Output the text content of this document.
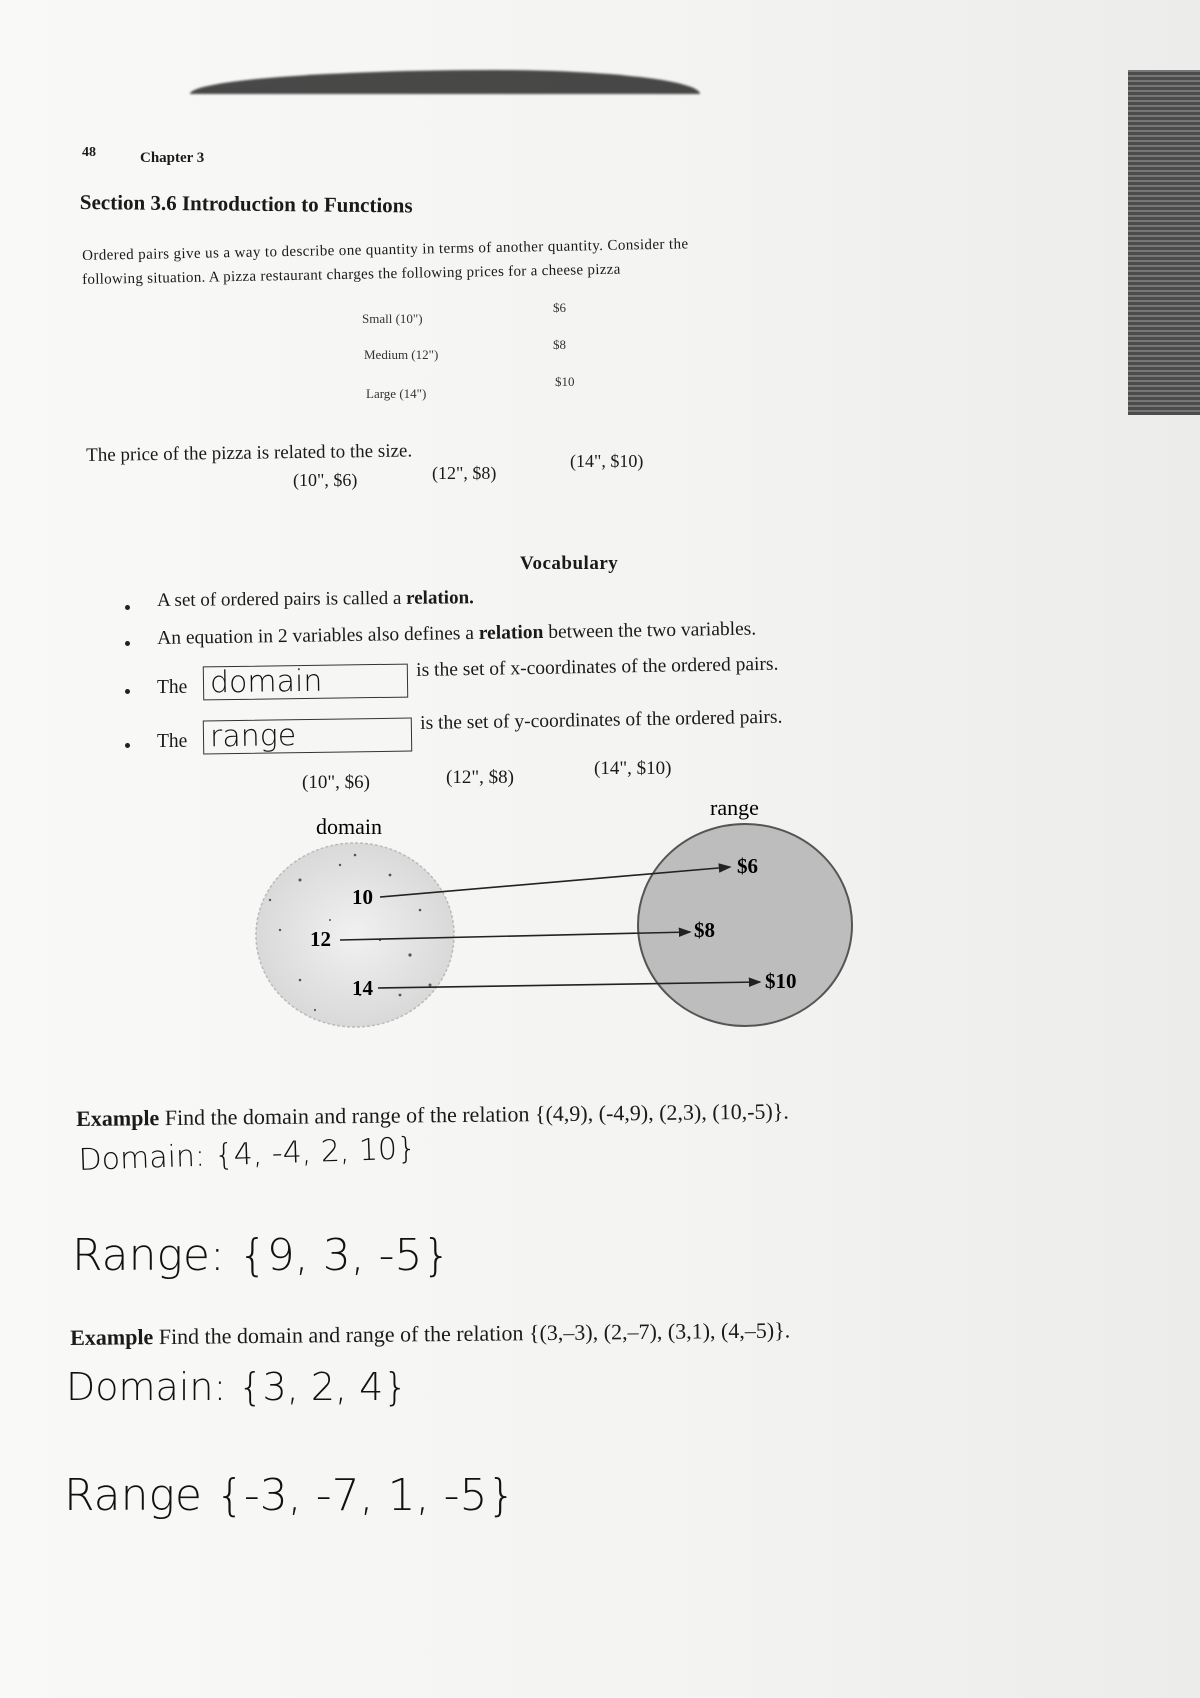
48	Chapter 3
Section 3.6 Introduction to Functions
Ordered pairs give us a way to describe one quantity in terms of another quantity. Consider the
following situation. A pizza restaurant charges the following prices for a cheese pizza
Small (10")
$6
Medium (12")
$8
Large (14")
$10
The price of the pizza is related to the size.
(10", $6)	(12", $8)
(14", $10)
Vocabulary
A set of ordered pairs is called a relation.
An equation in 2 variables also defines a relation between the two variables.
The domain	is the set of x-coordinates of the ordered pairs.
The range	is the set of y-coordinates of the ordered pairs.
(10", $6)	(12", $8)	(14", $10)
domain
range
10
12
14
$6
$8
$10
Example Find the domain and range of the relation {(4,9), (-4,9), (2,3), (10,-5)}.
Domain: {4, -4, 2, 10}
Range: {9, 3, -5}
Example Find the domain and range of the relation {(3,–3), (2,–7), (3,1), (4,–5)}.
Domain: {3, 2, 4}
Range {-3, -7, 1, -5}
